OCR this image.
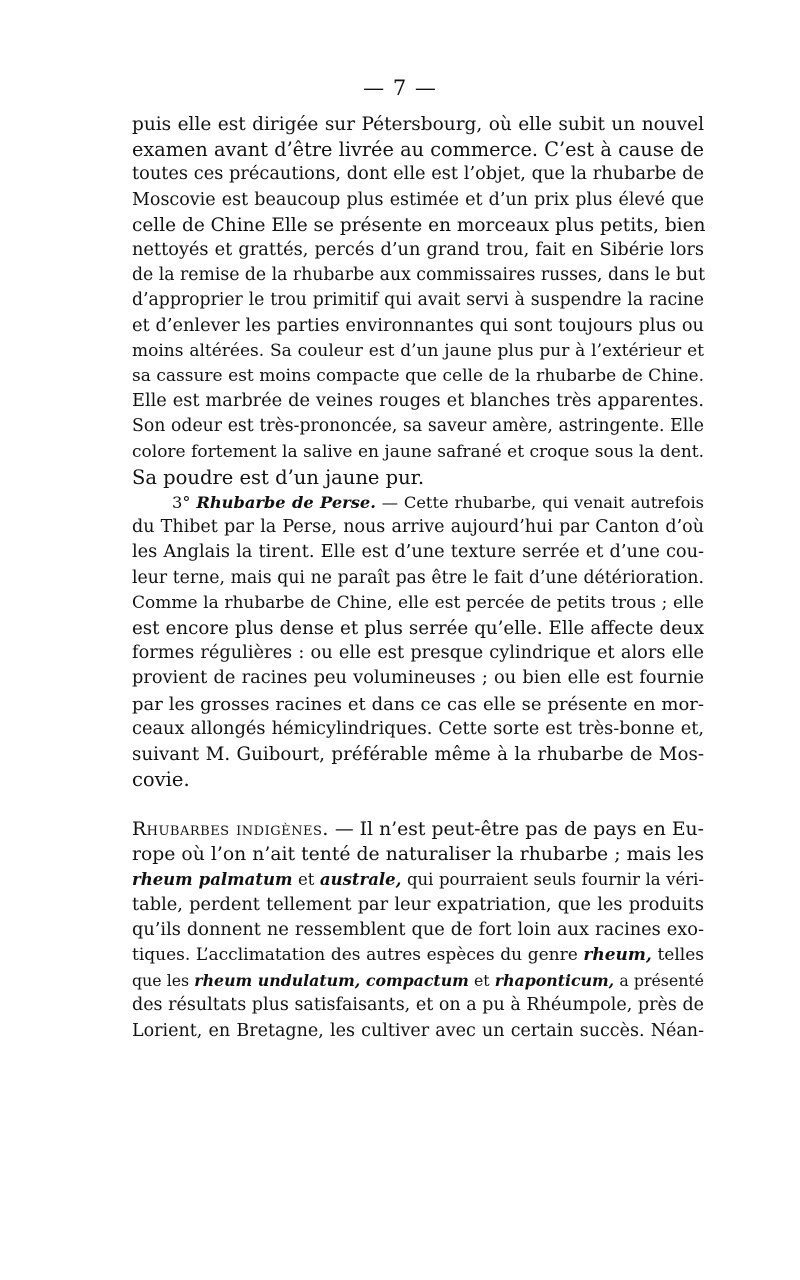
— 7 —
puis elle est dirigée sur Pétersbourg, où elle subit un nouvel
examen avant d’être livrée au commerce. C’est à cause de
toutes ces précautions, dont elle est l’objet, que la rhubarbe de
Moscovie est beaucoup plus estimée et d’un prix plus élevé que
celle de Chine Elle se présente en morceaux plus petits, bien
nettoyés et grattés, percés d’un grand trou, fait en Sibérie lors
de la remise de la rhubarbe aux commissaires russes, dans le but
d’approprier le trou primitif qui avait servi à suspendre la racine
et d’enlever les parties environnantes qui sont toujours plus ou
moins altérées. Sa couleur est d’un jaune plus pur à l’extérieur et
sa cassure est moins compacte que celle de la rhubarbe de Chine.
Elle est marbrée de veines rouges et blanches très apparentes.
Son odeur est très-prononcée, sa saveur amère, astringente. Elle
colore fortement la salive en jaune safrané et croque sous la dent.
Sa poudre est d’un jaune pur.
3° Rhubarbe de Perse. — Cette rhubarbe, qui venait autrefois
du Thibet par la Perse, nous arrive aujourd’hui par Canton d’où
les Anglais la tirent. Elle est d’une texture serrée et d’une cou-
leur terne, mais qui ne paraît pas être le fait d’une détérioration.
Comme la rhubarbe de Chine, elle est percée de petits trous ; elle
est encore plus dense et plus serrée qu’elle. Elle affecte deux
formes régulières : ou elle est presque cylindrique et alors elle
provient de racines peu volumineuses ; ou bien elle est fournie
par les grosses racines et dans ce cas elle se présente en mor-
ceaux allongés hémicylindriques. Cette sorte est très-bonne et,
suivant M. Guibourt, préférable même à la rhubarbe de Mos-
covie.
Rhubarbes indigènes. — Il n’est peut-être pas de pays en Eu-
rope où l’on n’ait tenté de naturaliser la rhubarbe ; mais les
rheum palmatum et australe, qui pourraient seuls fournir la véri-
table, perdent tellement par leur expatriation, que les produits
qu’ils donnent ne ressemblent que de fort loin aux racines exo-
tiques. L’acclimatation des autres espèces du genre rheum, telles
que les rheum undulatum, compactum et rhaponticum, a présenté
des résultats plus satisfaisants, et on a pu à Rhéumpole, près de
Lorient, en Bretagne, les cultiver avec un certain succès. Néan-
